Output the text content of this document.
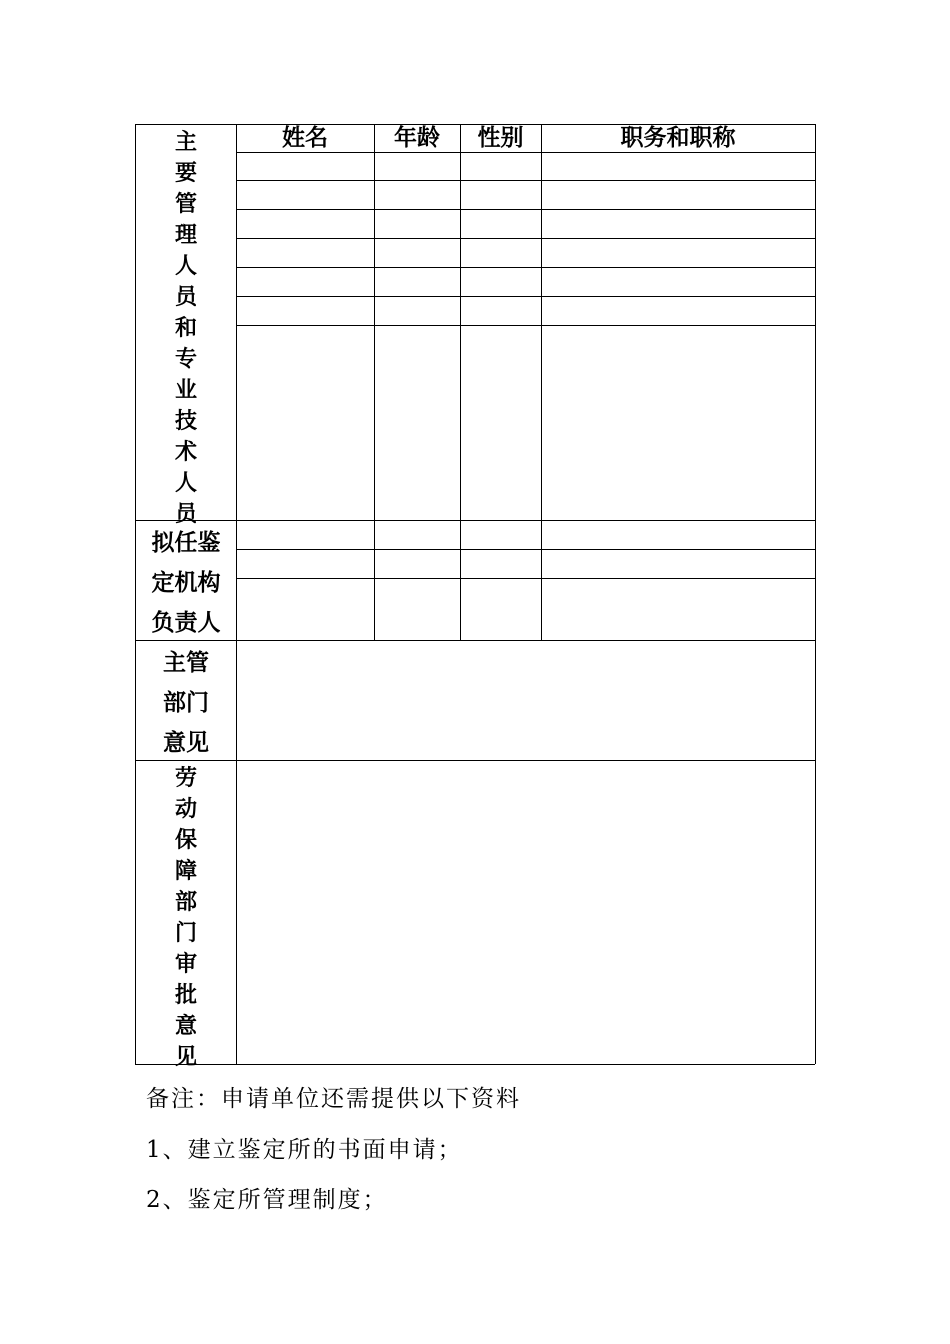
姓名	年龄	性别	职务和职称
主
要
管
理
人
员
和
专
业
技
术
人
员
拟任鉴
定机构
负责人
主管
部门
意见
劳
动
保
障
部
门
审
批
意
见
备注：申请单位还需提供以下资料
1、建立鉴定所的书面申请；
2、鉴定所管理制度；
